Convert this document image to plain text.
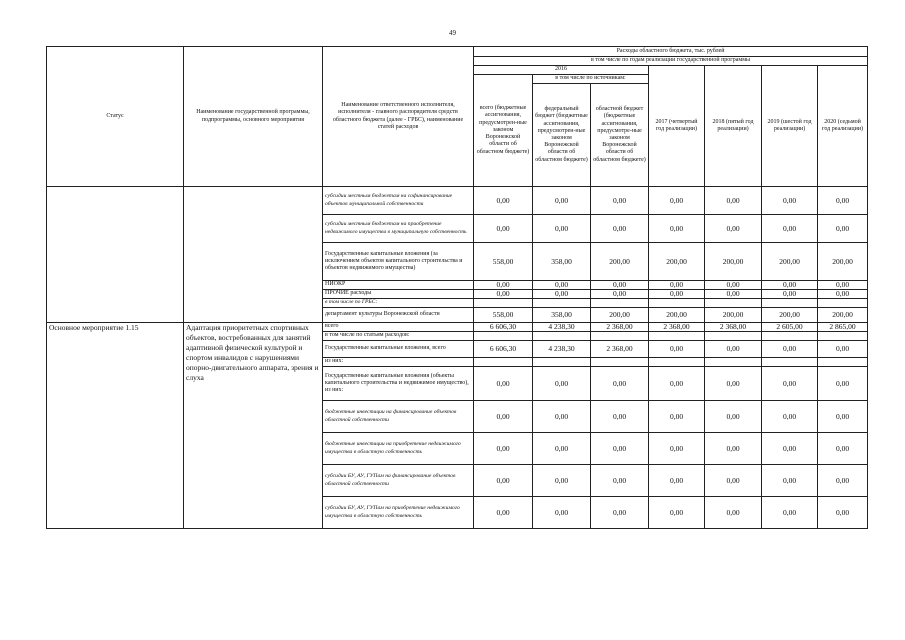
49
Статус	Наименование государственной программы, подпрограммы, основного мероприятия	Наименование ответственного исполнителя, исполнителя - главного распорядителя средств областного бюджета (далее - ГРБС), наименование статей расходов	Расходы областного бюджета, тыс. рублей						
			в том числе по годам реализации государственной программы						
			2016			2017 (четвертый год реализации)	2018 (пятый год реализации)	2019 (шестой год реализации)	2020 (седьмой год реализации)
			всего (бюджетные ассигнования, предусмотрен-ные законом Воронежской области об областном бюджете)	в том числе по источникам:					
				федеральный бюджет (бюджетные ассигнования, предусмотрен-ные законом Воронежской области об областном бюджете)	областной бюджет (бюджетные ассигнования, предусмотре-ные законом Воронежской области об областном бюджете)				
		субсидии местным бюджетам на софинансирование объектов муниципальной собственности	0,00	0,00	0,00	0,00	0,00	0,00	0,00
		субсидии местным бюджетам на приобретение недвижимого имущества в муниципальную собственность	0,00	0,00	0,00	0,00	0,00	0,00	0,00
		Государственные капитальные вложения (за исключением объектов капитального строительства и объектов недвижимого имущества)	558,00	358,00	200,00	200,00	200,00	200,00	200,00
		НИОКР	0,00	0,00	0,00	0,00	0,00	0,00	0,00
		ПРОЧИЕ расходы	0,00	0,00	0,00	0,00	0,00	0,00	0,00
		в том числе по ГРБС:							
		департамент культуры Воронежской области	558,00	358,00	200,00	200,00	200,00	200,00	200,00
Основное мероприятие 1.15	Адаптация приоритетных спортивных объектов, востребованных для занятий адаптивной физической культурой и спортом инвалидов с нарушениями опорно-двигательного аппарата, зрения и слуха	всего	6 606,30	4 238,30	2 368,00	2 368,00	2 368,00	2 605,00	2 865,00
		в том числе по статьям расходов:							
		Государственные капитальные вложения, всего	6 606,30	4 238,30	2 368,00	0,00	0,00	0,00	0,00
		из них:							
		Государственные капитальные вложения (объекты капитального строительства и недвижимое имущество), из них:	0,00	0,00	0,00	0,00	0,00	0,00	0,00
		бюджетные инвестиции на финансирование объектов областной собственности	0,00	0,00	0,00	0,00	0,00	0,00	0,00
		бюджетные инвестиции на приобретение недвижимого имущества в областную собственность	0,00	0,00	0,00	0,00	0,00	0,00	0,00
		субсидии БУ, АУ, ГУПам на финансирование объектов областной собственности	0,00	0,00	0,00	0,00	0,00	0,00	0,00
		субсидии БУ, АУ, ГУПам на приобретение недвижимого имущества в областную собственность	0,00	0,00	0,00	0,00	0,00	0,00	0,00
